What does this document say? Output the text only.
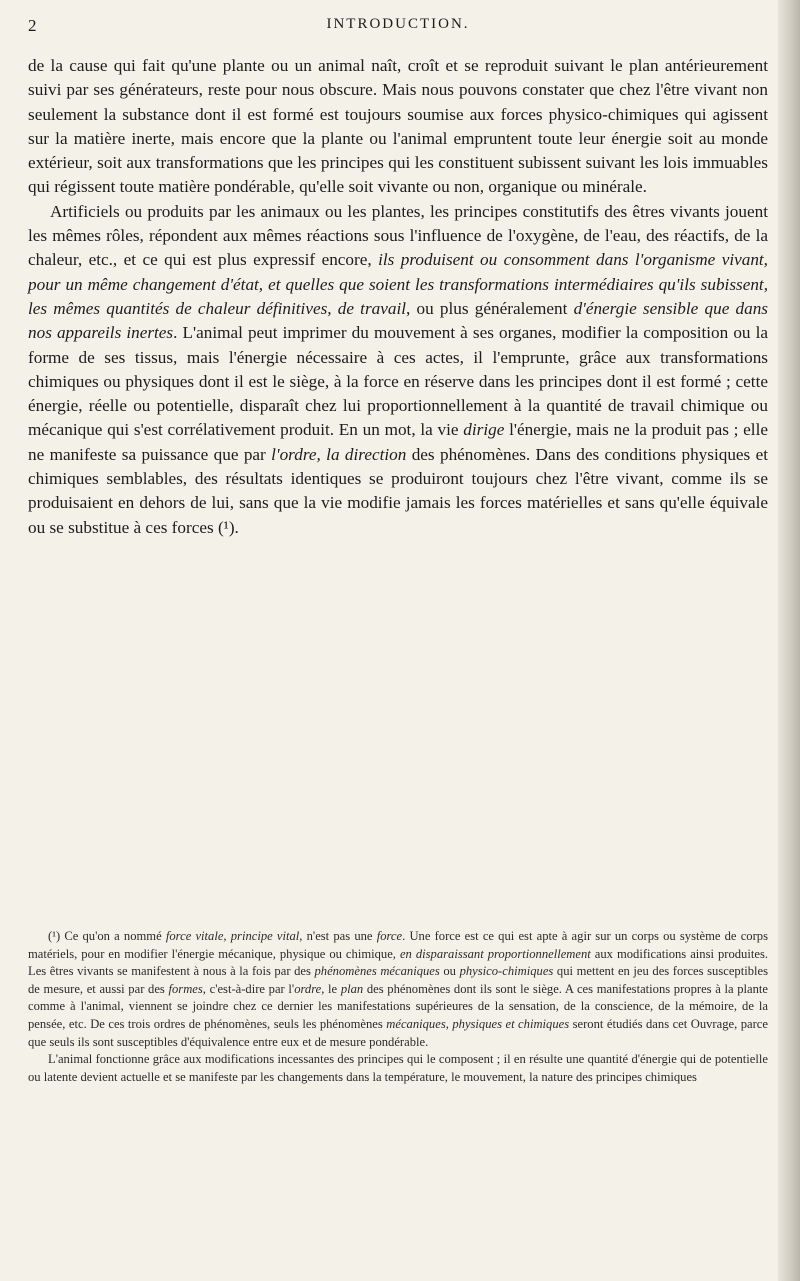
2	INTRODUCTION.

de la cause qui fait qu'une plante ou un animal naît, croît et se reproduit suivant le plan antérieurement suivi par ses générateurs, reste pour nous obscure. Mais nous pouvons constater que chez l'être vivant non seulement la substance dont il est formé est toujours soumise aux forces physico-chimiques qui agissent sur la matière inerte, mais encore que la plante ou l'animal empruntent toute leur énergie soit au monde extérieur, soit aux transformations que les principes qui les constituent subissent suivant les lois immuables qui régissent toute matière pondérable, qu'elle soit vivante ou non, organique ou minérale.

Artificiels ou produits par les animaux ou les plantes, les principes constitutifs des êtres vivants jouent les mêmes rôles, répondent aux mêmes réactions sous l'influence de l'oxygène, de l'eau, des réactifs, de la chaleur, etc., et ce qui est plus expressif encore, ils produisent ou consomment dans l'organisme vivant, pour un même changement d'état, et quelles que soient les transformations intermédiaires qu'ils subissent, les mêmes quantités de chaleur définitives, de travail, ou plus généralement d'énergie sensible que dans nos appareils inertes. L'animal peut imprimer du mouvement à ses organes, modifier la composition ou la forme de ses tissus, mais l'énergie nécessaire à ces actes, il l'emprunte, grâce aux transformations chimiques ou physiques dont il est le siège, à la force en réserve dans les principes dont il est formé ; cette énergie, réelle ou potentielle, disparaît chez lui proportionnellement à la quantité de travail chimique ou mécanique qui s'est corrélativement produit. En un mot, la vie dirige l'énergie, mais ne la produit pas ; elle ne manifeste sa puissance que par l'ordre, la direction des phénomènes. Dans des conditions physiques et chimiques semblables, des résultats identiques se produiront toujours chez l'être vivant, comme ils se produisaient en dehors de lui, sans que la vie modifie jamais les forces matérielles et sans qu'elle équivale ou se substitue à ces forces (¹).

(¹) Ce qu'on a nommé force vitale, principe vital, n'est pas une force. Une force est ce qui est apte à agir sur un corps ou système de corps matériels, pour en modifier l'énergie mécanique, physique ou chimique, en disparaissant proportionnellement aux modifications ainsi produites. Les êtres vivants se manifestent à nous à la fois par des phénomènes mécaniques ou physico-chimiques qui mettent en jeu des forces susceptibles de mesure, et aussi par des formes, c'est-à-dire par l'ordre, le plan des phénomènes dont ils sont le siège. A ces manifestations propres à la plante comme à l'animal, viennent se joindre chez ce dernier les manifestations supérieures de la sensation, de la conscience, de la mémoire, de la pensée, etc. De ces trois ordres de phénomènes, seuls les phénomènes mécaniques, physiques et chimiques seront étudiés dans cet Ouvrage, parce que seuls ils sont susceptibles d'équivalence entre eux et de mesure pondérable.

L'animal fonctionne grâce aux modifications incessantes des principes qui le composent ; il en résulte une quantité d'énergie qui de potentielle ou latente devient actuelle et se manifeste par les changements dans la température, le mouvement, la nature des principes chimiques
